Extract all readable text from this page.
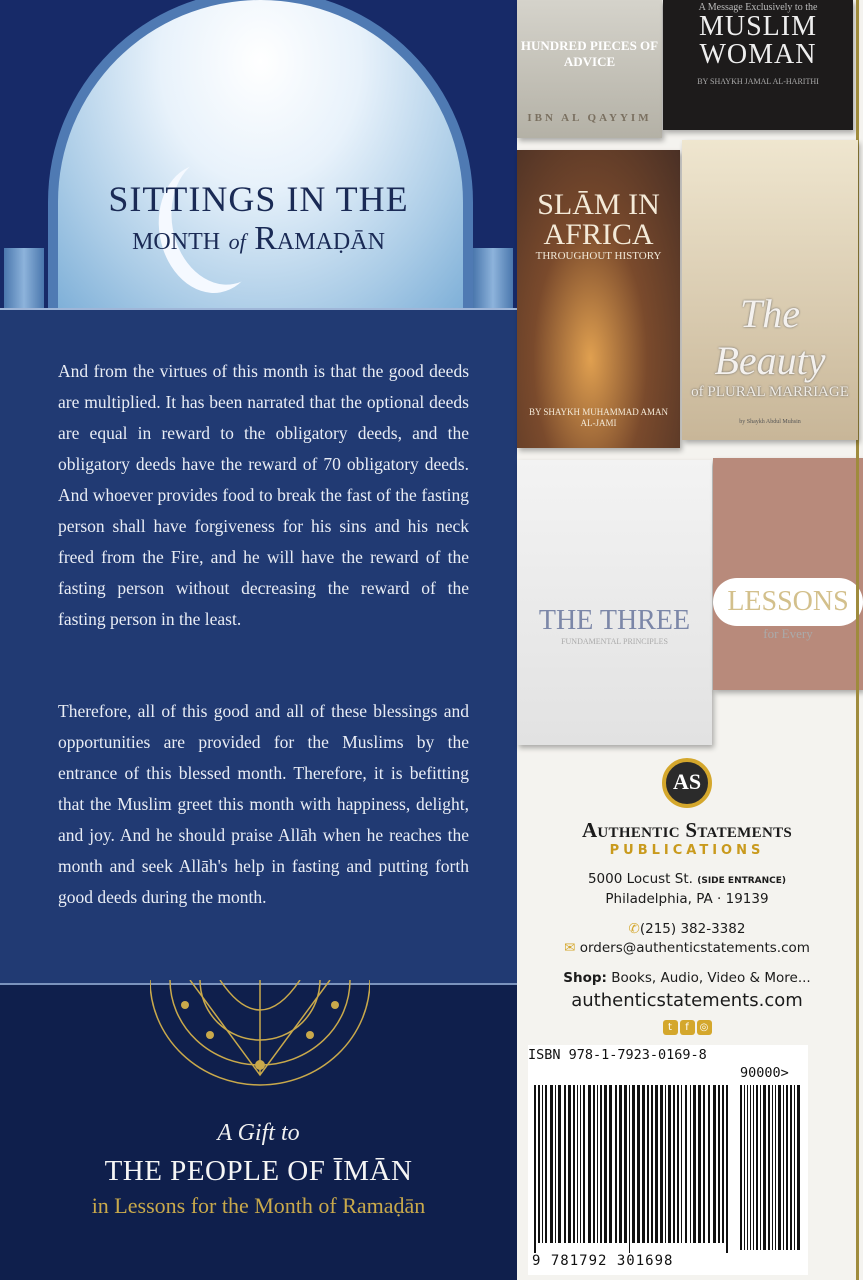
SITTINGS IN THE
month of Ramaḍān

And from the virtues of this month is that the good deeds are multiplied. It has been narrated that the optional deeds are equal in reward to the obligatory deeds, and the obligatory deeds have the reward of 70 obligatory deeds. And whoever provides food to break the fast of the fasting person shall have forgiveness for his sins and his neck freed from the Fire, and he will have the reward of the fasting person without decreasing the reward of the fasting person in the least.

Therefore, all of this good and all of these blessings and opportunities are provided for the Muslims by the entrance of this blessed month. Therefore, it is befitting that the Muslim greet this month with happiness, delight, and joy. And he should praise Allāh when he reaches the month and seek Allāh's help in fasting and putting forth good deeds during the month.

A Gift to
THE PEOPLE OF ĪMĀN
in Lessons for the Month of Ramaḍān
HUNDRED PIECES OF ADVICE
IBN AL QAYYIM
A Message Exclusively to the
MUSLIM WOMAN
BY SHAYKH JAMAL AL-HARITHI
SLĀM IN AFRICA
THROUGHOUT HISTORY
BY SHAYKH MUHAMMAD AMAN AL-JAMI
The Beauty
of PLURAL MARRIAGE
by Shaykh Abdul Muhsin
THE THREE
FUNDAMENTAL PRINCIPLES
LESSONS
for Every
AS
Authentic Statements
PUBLICATIONS
5000 Locust St. (SIDE ENTRANCE)
Philadelphia, PA · 19139
✆(215) 382-3382
✉ orders@authenticstatements.com
Shop: Books, Audio, Video & More...
authenticstatements.com
t f ◎
ISBN 978-1-7923-0169-8
90000>
9 781792 301698
